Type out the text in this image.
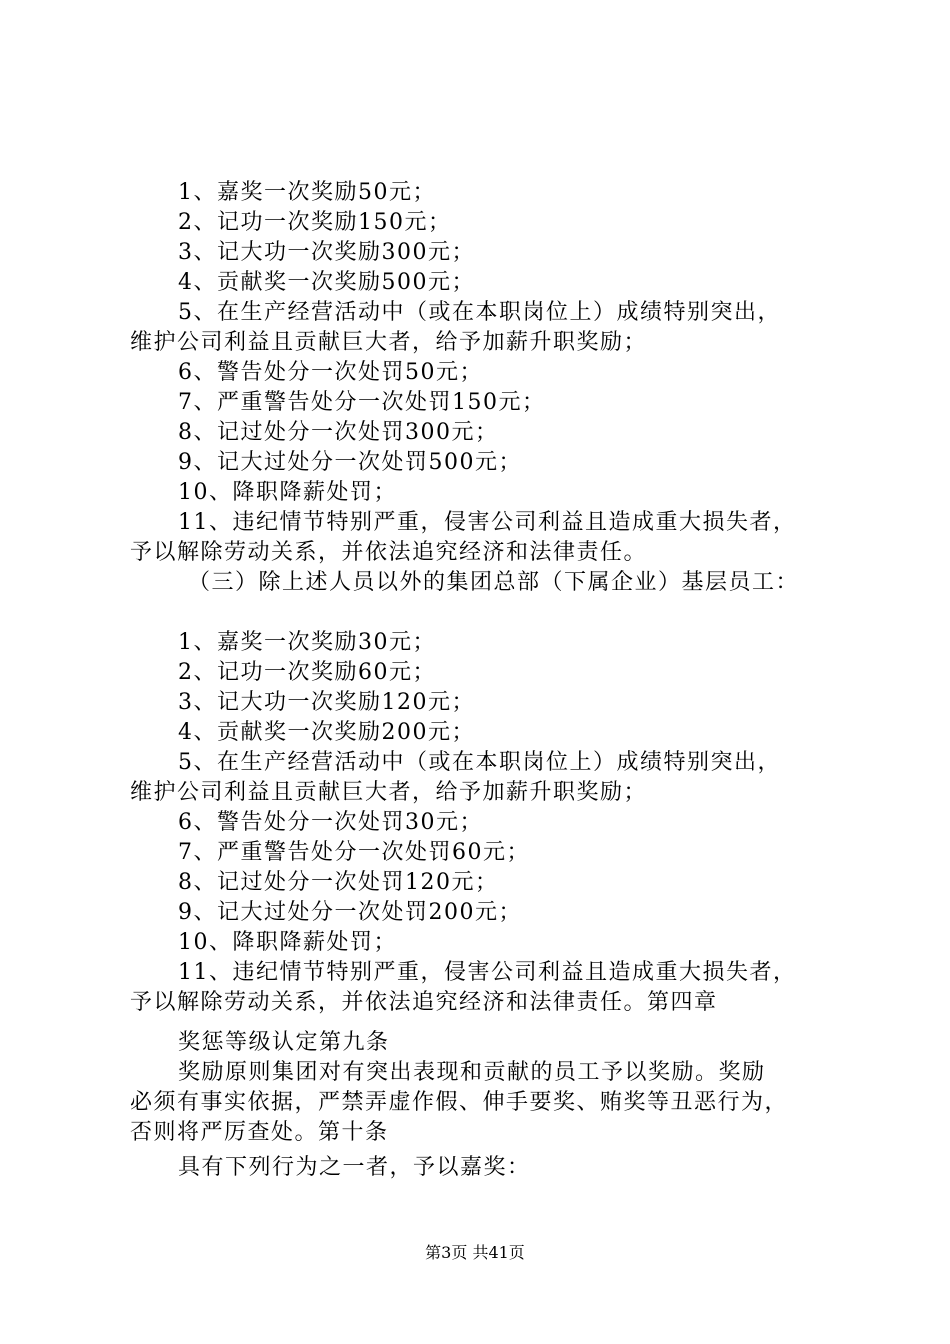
1、嘉奖一次奖励50元；
2、记功一次奖励150元；
3、记大功一次奖励300元；
4、贡献奖一次奖励500元；
5、在生产经营活动中（或在本职岗位上）成绩特别突出，
维护公司利益且贡献巨大者，给予加薪升职奖励；
6、警告处分一次处罚50元；
7、严重警告处分一次处罚150元；
8、记过处分一次处罚300元；
9、记大过处分一次处罚500元；
10、降职降薪处罚；
11、违纪情节特别严重，侵害公司利益且造成重大损失者，
予以解除劳动关系，并依法追究经济和法律责任。
（三）除上述人员以外的集团总部（下属企业）基层员工：
1、嘉奖一次奖励30元；
2、记功一次奖励60元；
3、记大功一次奖励120元；
4、贡献奖一次奖励200元；
5、在生产经营活动中（或在本职岗位上）成绩特别突出，
维护公司利益且贡献巨大者，给予加薪升职奖励；
6、警告处分一次处罚30元；
7、严重警告处分一次处罚60元；
8、记过处分一次处罚120元；
9、记大过处分一次处罚200元；
10、降职降薪处罚；
11、违纪情节特别严重，侵害公司利益且造成重大损失者，
予以解除劳动关系，并依法追究经济和法律责任。第四章
奖惩等级认定第九条
奖励原则集团对有突出表现和贡献的员工予以奖励。奖励
必须有事实依据，严禁弄虚作假、伸手要奖、贿奖等丑恶行为，
否则将严厉查处。第十条
具有下列行为之一者，予以嘉奖：
第3页 共41页
